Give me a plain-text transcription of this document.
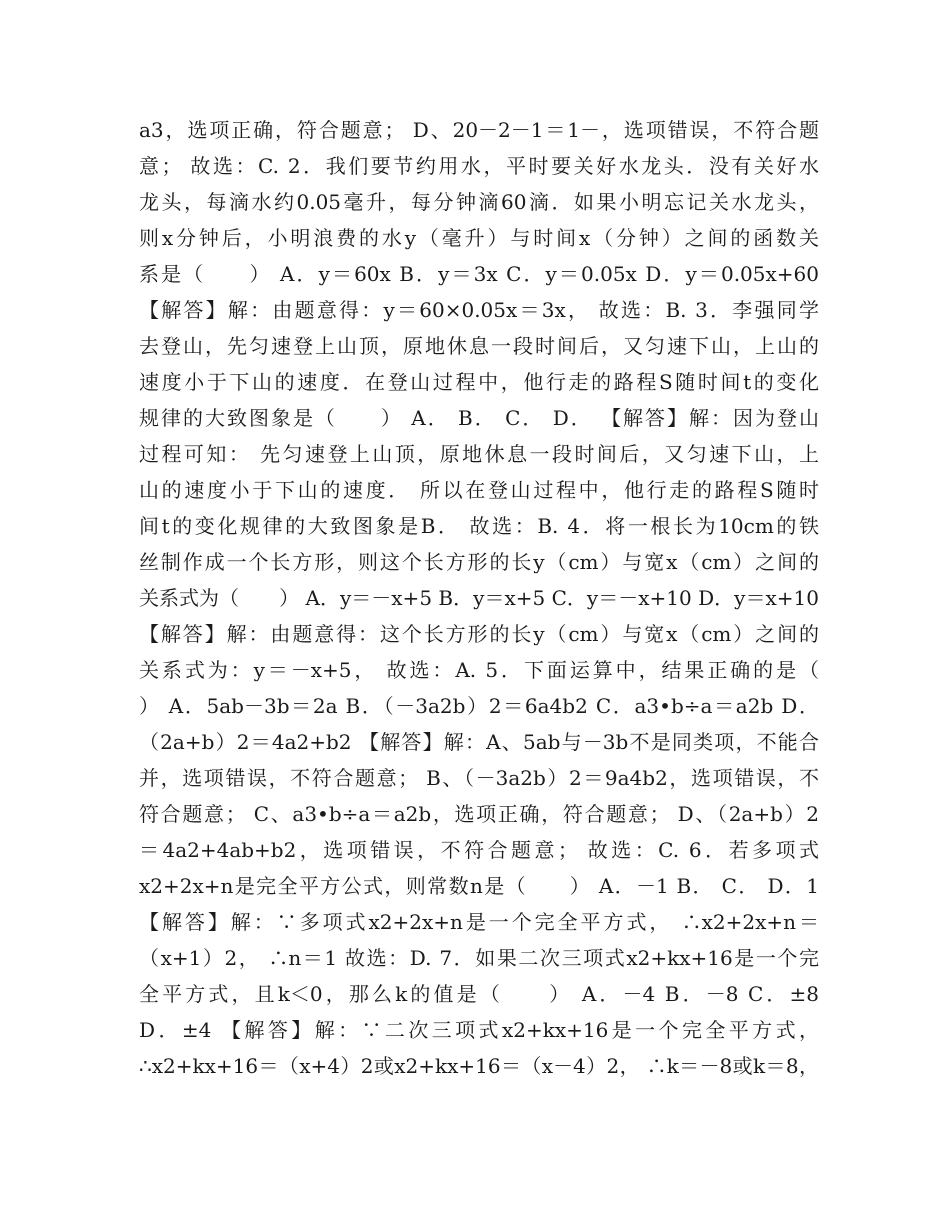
a3，选项正确，符合题意； D、20－2－1＝1－，选项错误，不符合题
意； 故选：C. 2．我们要节约用水，平时要关好水龙头．没有关好水
龙头，每滴水约0.05毫升，每分钟滴60滴．如果小明忘记关水龙头，
则x分钟后，小明浪费的水y（毫升）与时间x（分钟）之间的函数关
系是（　　） A．y＝60x B．y＝3x C．y＝0.05x D．y＝0.05x+60
【解答】解：由题意得：y＝60×0.05x＝3x， 故选：B. 3．李强同学
去登山，先匀速登上山顶，原地休息一段时间后，又匀速下山，上山的
速度小于下山的速度．在登山过程中，他行走的路程S随时间t的变化
规律的大致图象是（　　） A． B． C． D． 【解答】解：因为登山
过程可知： 先匀速登上山顶，原地休息一段时间后，又匀速下山，上
山的速度小于下山的速度． 所以在登山过程中，他行走的路程S随时
间t的变化规律的大致图象是B． 故选：B. 4．将一根长为10cm的铁
丝制作成一个长方形，则这个长方形的长y（cm）与宽x（cm）之间的
关系式为（　　） A．y＝－x+5 B．y＝x+5 C．y＝－x+10 D．y＝x+10
【解答】解：由题意得：这个长方形的长y（cm）与宽x（cm）之间的
关系式为：y＝－x+5， 故选：A. 5．下面运算中，结果正确的是（
） A．5ab－3b＝2a B．（－3a2b）2＝6a4b2 C．a3•b÷a＝a2b D．
（2a+b）2＝4a2+b2 【解答】解：A、5ab与－3b不是同类项，不能合
并，选项错误，不符合题意； B、（－3a2b）2＝9a4b2，选项错误，不
符合题意； C、a3•b÷a＝a2b，选项正确，符合题意； D、（2a+b）2
＝4a2+4ab+b2，选项错误，不符合题意； 故选：C. 6．若多项式
x2+2x+n是完全平方公式，则常数n是（　　） A．－1 B． C． D．1
【解答】解：∵多项式x2+2x+n是一个完全平方式， ∴x2+2x+n＝
（x+1）2， ∴n＝1 故选：D. 7．如果二次三项式x2+kx+16是一个完
全平方式，且k＜0，那么k的值是（　　） A．－4 B．－8 C．±8
D．±4 【解答】解：∵二次三项式x2+kx+16是一个完全平方式，
∴x2+kx+16＝（x+4）2或x2+kx+16＝（x－4）2， ∴k＝－8或k＝8，
